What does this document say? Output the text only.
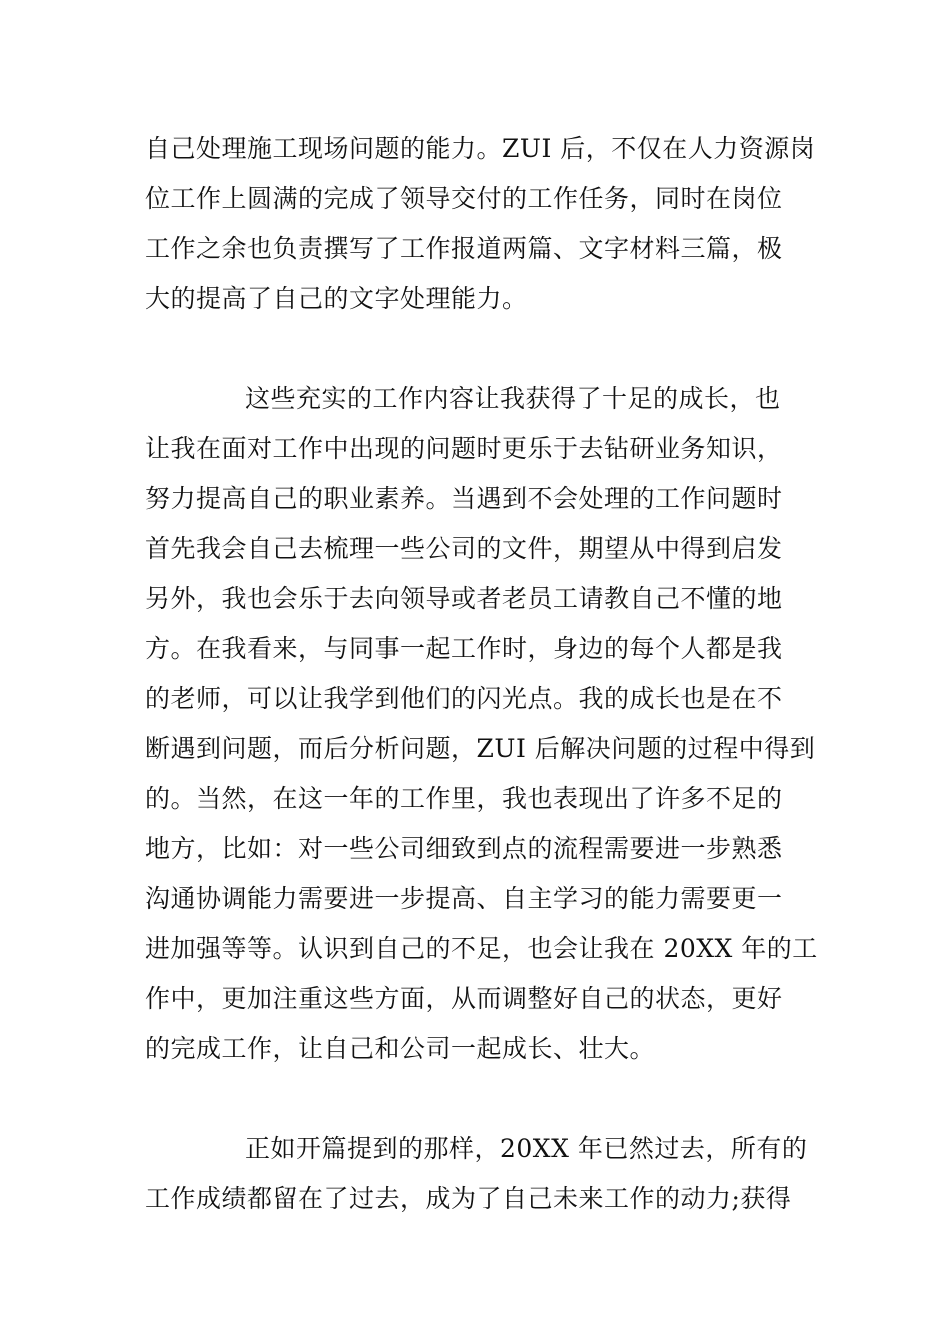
自己处理施工现场问题的能力。ZUI 后，不仅在人力资源岗
位工作上圆满的完成了领导交付的工作任务，同时在岗位
工作之余也负责撰写了工作报道两篇、文字材料三篇，极
大的提高了自己的文字处理能力。
这些充实的工作内容让我获得了十足的成长，也
让我在面对工作中出现的问题时更乐于去钻研业务知识，
努力提高自己的职业素养。当遇到不会处理的工作问题时
首先我会自己去梳理一些公司的文件，期望从中得到启发
另外，我也会乐于去向领导或者老员工请教自己不懂的地
方。在我看来，与同事一起工作时，身边的每个人都是我
的老师，可以让我学到他们的闪光点。我的成长也是在不
断遇到问题，而后分析问题，ZUI 后解决问题的过程中得到
的。当然，在这一年的工作里，我也表现出了许多不足的
地方，比如：对一些公司细致到点的流程需要进一步熟悉
沟通协调能力需要进一步提高、自主学习的能力需要更一
进加强等等。认识到自己的不足，也会让我在 20XX 年的工
作中，更加注重这些方面，从而调整好自己的状态，更好
的完成工作，让自己和公司一起成长、壮大。
正如开篇提到的那样，20XX 年已然过去，所有的
工作成绩都留在了过去，成为了自己未来工作的动力;获得
